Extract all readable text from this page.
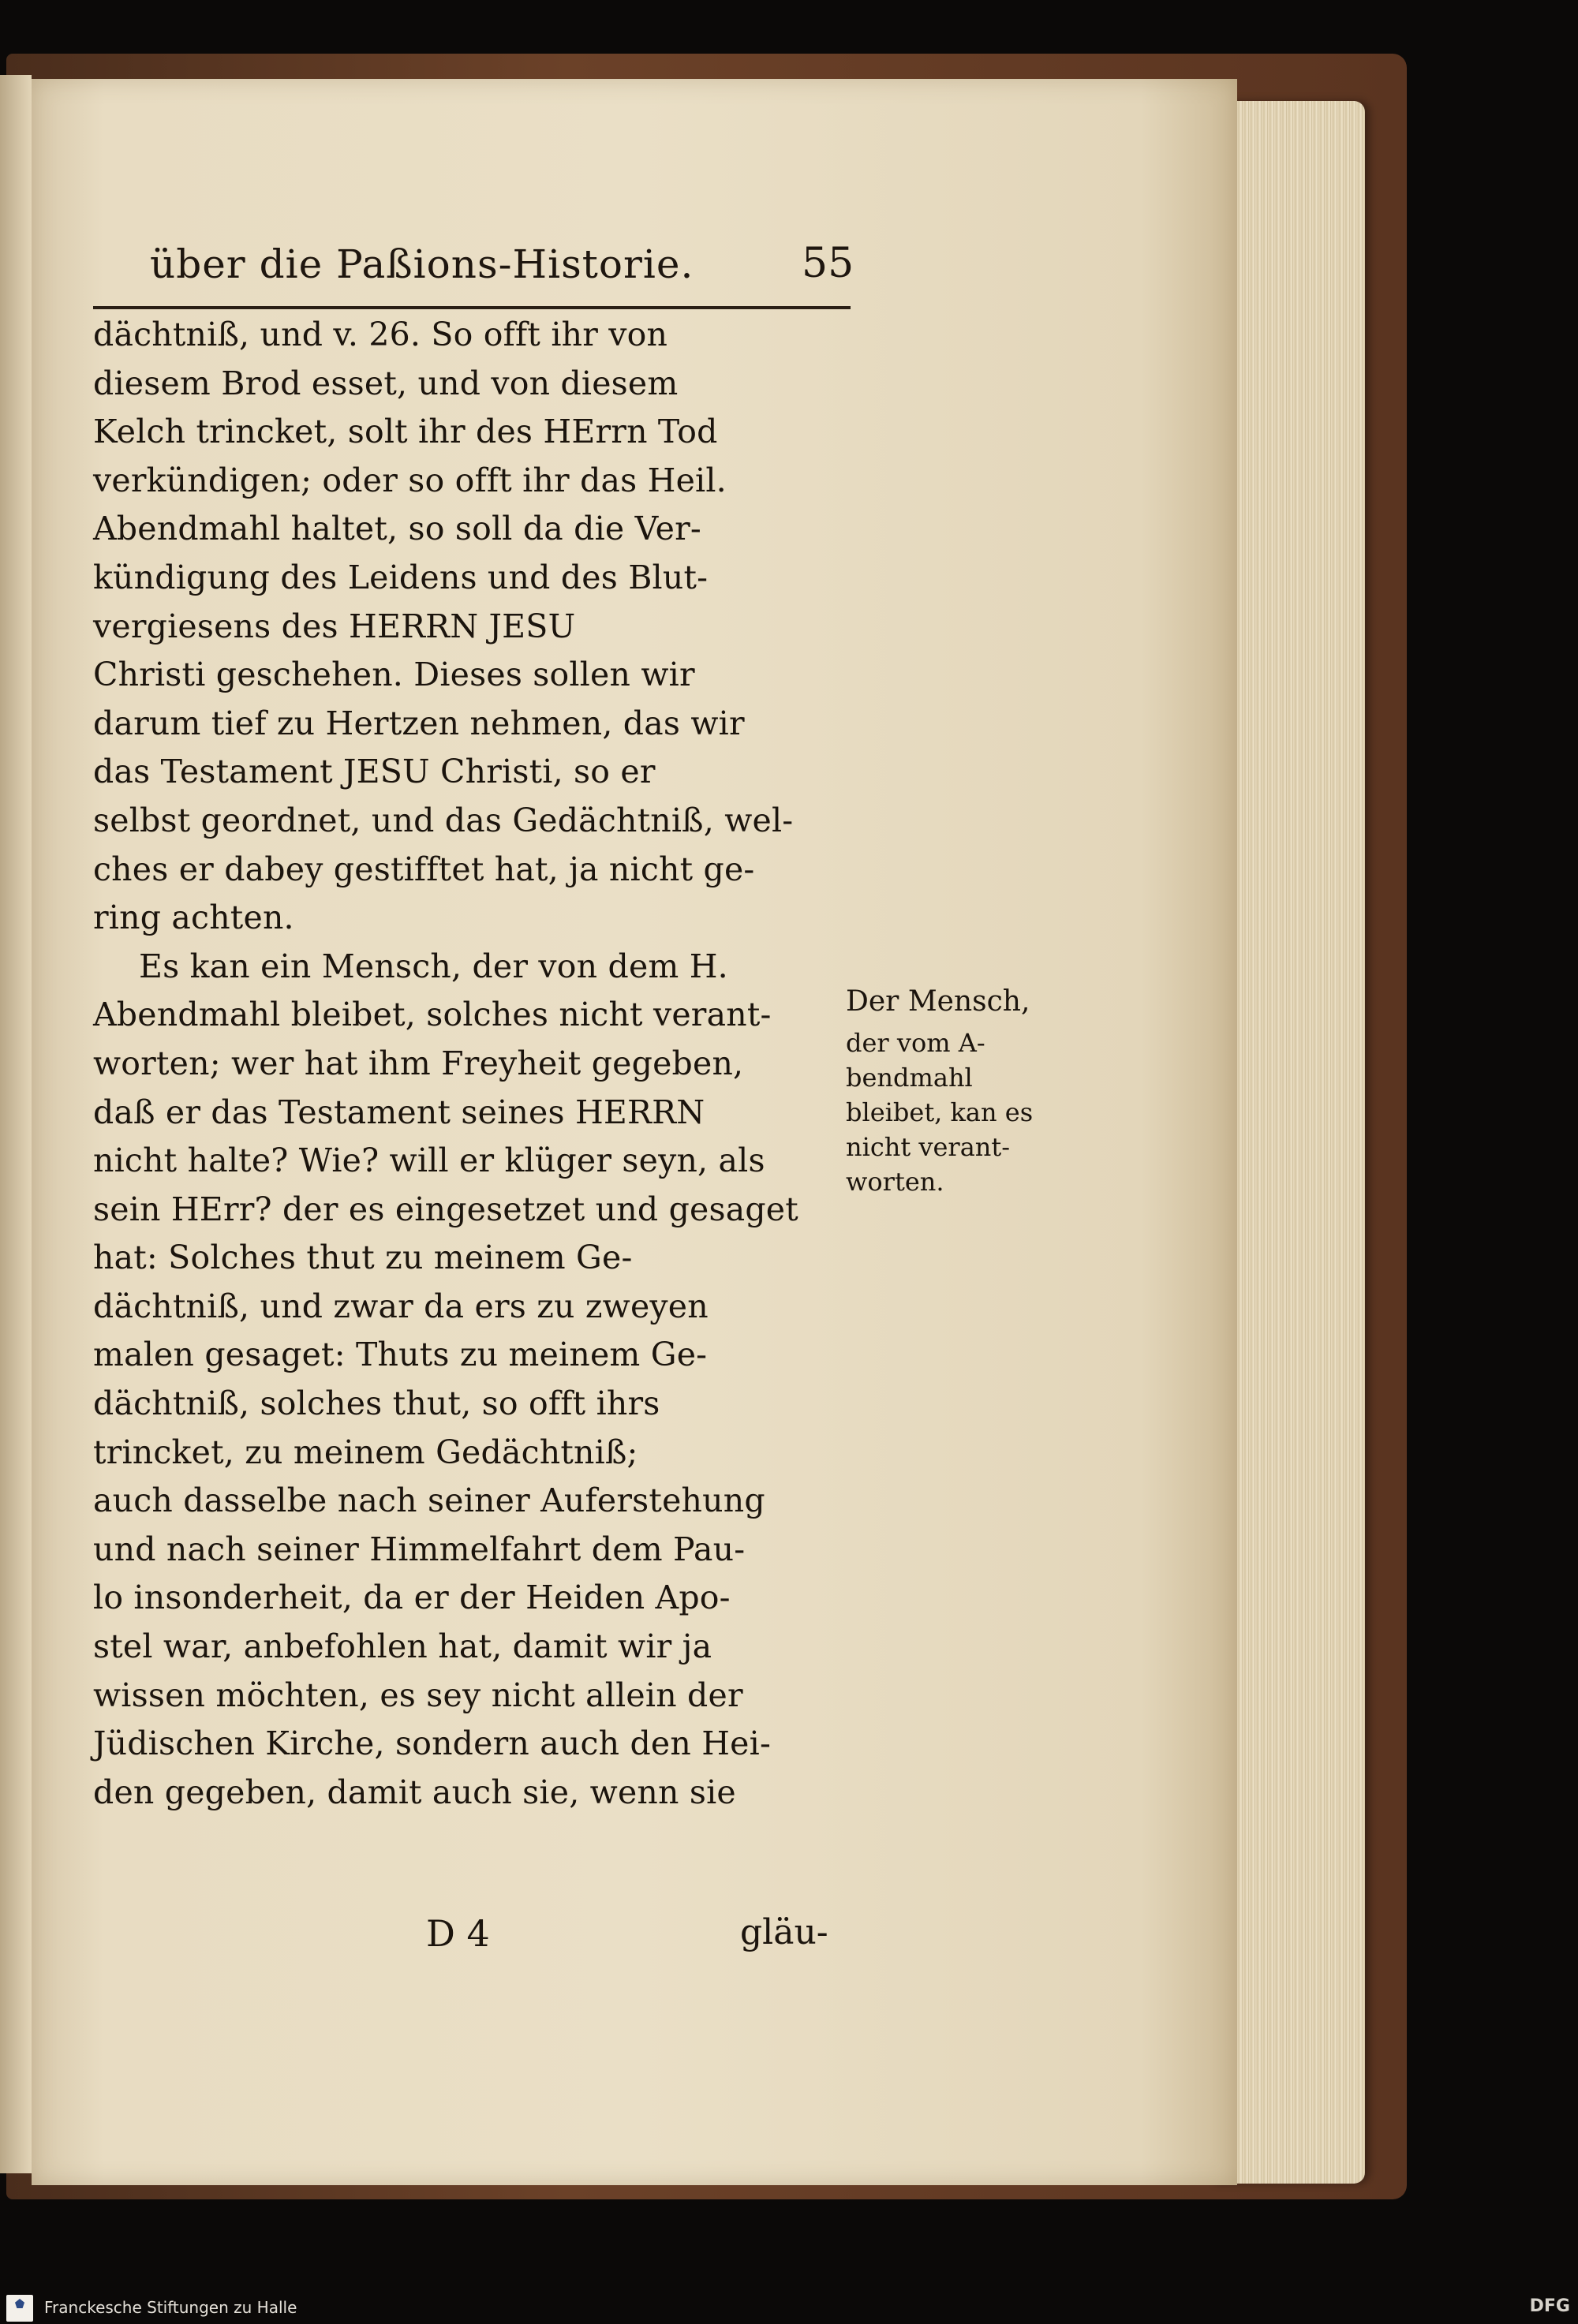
über die Paßions-Historie.	55
dächtniß, und v. 26. So offt ihr von
diesem Brod esset, und von diesem
Kelch trincket, solt ihr des HErrn Tod
verkündigen; oder so offt ihr das Heil.
Abendmahl haltet, so soll da die Ver-
kündigung des Leidens und des Blut-
vergiesens des HERRN JESU
Christi geschehen. Dieses sollen wir
darum tief zu Hertzen nehmen, das wir
das Testament JESU Christi, so er
selbst geordnet, und das Gedächtniß, wel-
ches er dabey gestifftet hat, ja nicht ge-
ring achten.
Es kan ein Mensch, der von dem H.
Abendmahl bleibet, solches nicht verant-
worten; wer hat ihm Freyheit gegeben,
daß er das Testament seines HERRN
nicht halte? Wie? will er klüger seyn, als
sein HErr? der es eingesetzet und gesaget
hat: Solches thut zu meinem Ge-
dächtniß, und zwar da ers zu zweyen
malen gesaget: Thuts zu meinem Ge-
dächtniß, solches thut, so offt ihrs
trincket, zu meinem Gedächtniß;
auch dasselbe nach seiner Auferstehung
und nach seiner Himmelfahrt dem Pau-
lo insonderheit, da er der Heiden Apo-
stel war, anbefohlen hat, damit wir ja
wissen möchten, es sey nicht allein der
Jüdischen Kirche, sondern auch den Hei-
den gegeben, damit auch sie, wenn sie
Der Mensch,
der vom A-
bendmahl
bleibet, kan es
nicht verant-
worten.
D 4	gläu-
Franckesche Stiftungen zu Halle	DFG
